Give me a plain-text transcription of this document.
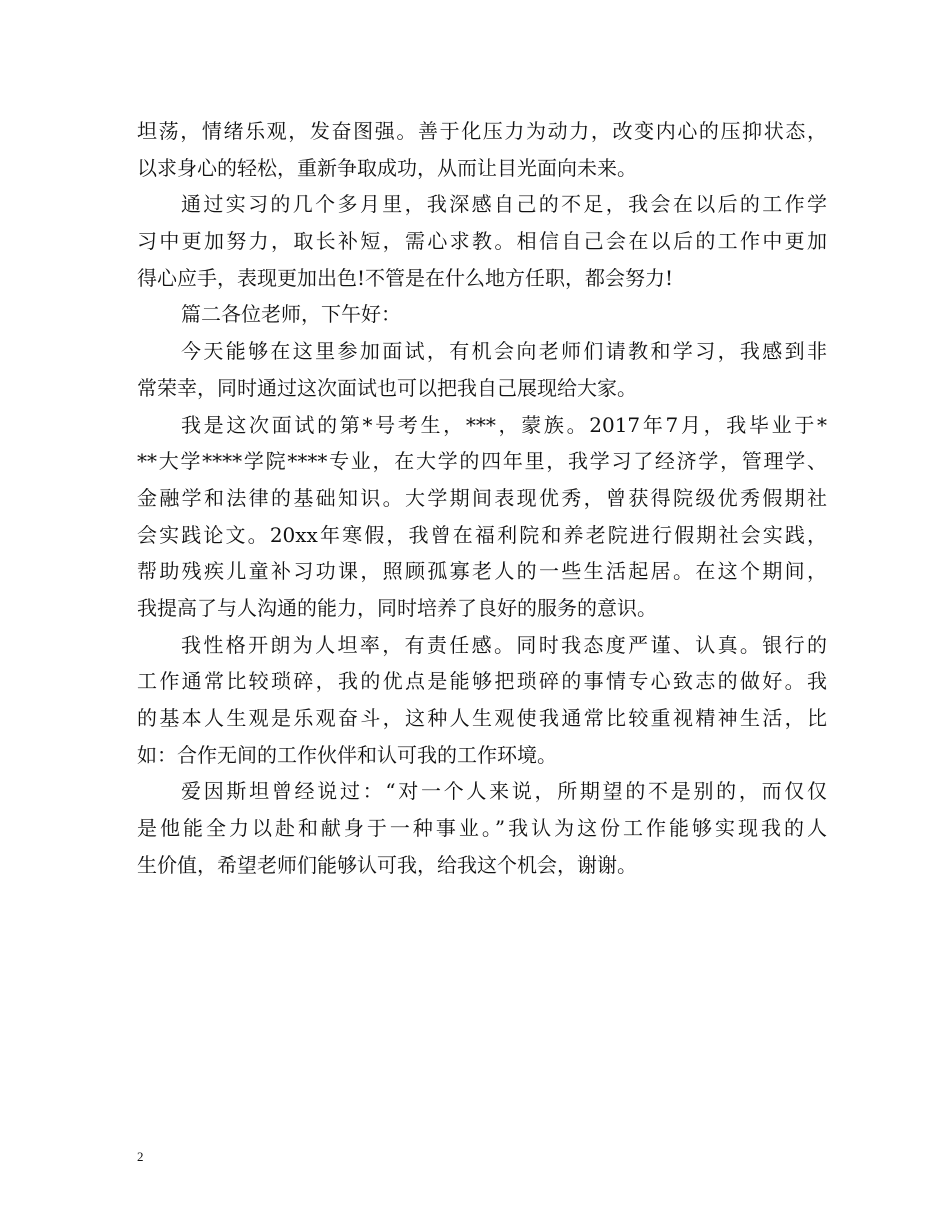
坦荡，情绪乐观，发奋图强。善于化压力为动力，改变内心的压抑状态，
以求身心的轻松，重新争取成功，从而让目光面向未来。
通过实习的几个多月里，我深感自己的不足，我会在以后的工作学
习中更加努力，取长补短，需心求教。相信自己会在以后的工作中更加
得心应手，表现更加出色!不管是在什么地方任职，都会努力!
篇二各位老师，下午好：
今天能够在这里参加面试，有机会向老师们请教和学习，我感到非
常荣幸，同时通过这次面试也可以把我自己展现给大家。
我是这次面试的第*号考生，***，蒙族。2017年7月，我毕业于*
**大学****学院****专业，在大学的四年里，我学习了经济学，管理学、
金融学和法律的基础知识。大学期间表现优秀，曾获得院级优秀假期社
会实践论文。20xx年寒假，我曾在福利院和养老院进行假期社会实践，
帮助残疾儿童补习功课，照顾孤寡老人的一些生活起居。在这个期间，
我提高了与人沟通的能力，同时培养了良好的服务的意识。
我性格开朗为人坦率，有责任感。同时我态度严谨、认真。银行的
工作通常比较琐碎，我的优点是能够把琐碎的事情专心致志的做好。我
的基本人生观是乐观奋斗，这种人生观使我通常比较重视精神生活，比
如：合作无间的工作伙伴和认可我的工作环境。
爱因斯坦曾经说过：“对一个人来说，所期望的不是别的，而仅仅
是他能全力以赴和献身于一种事业。”我认为这份工作能够实现我的人
生价值，希望老师们能够认可我，给我这个机会，谢谢。
2
